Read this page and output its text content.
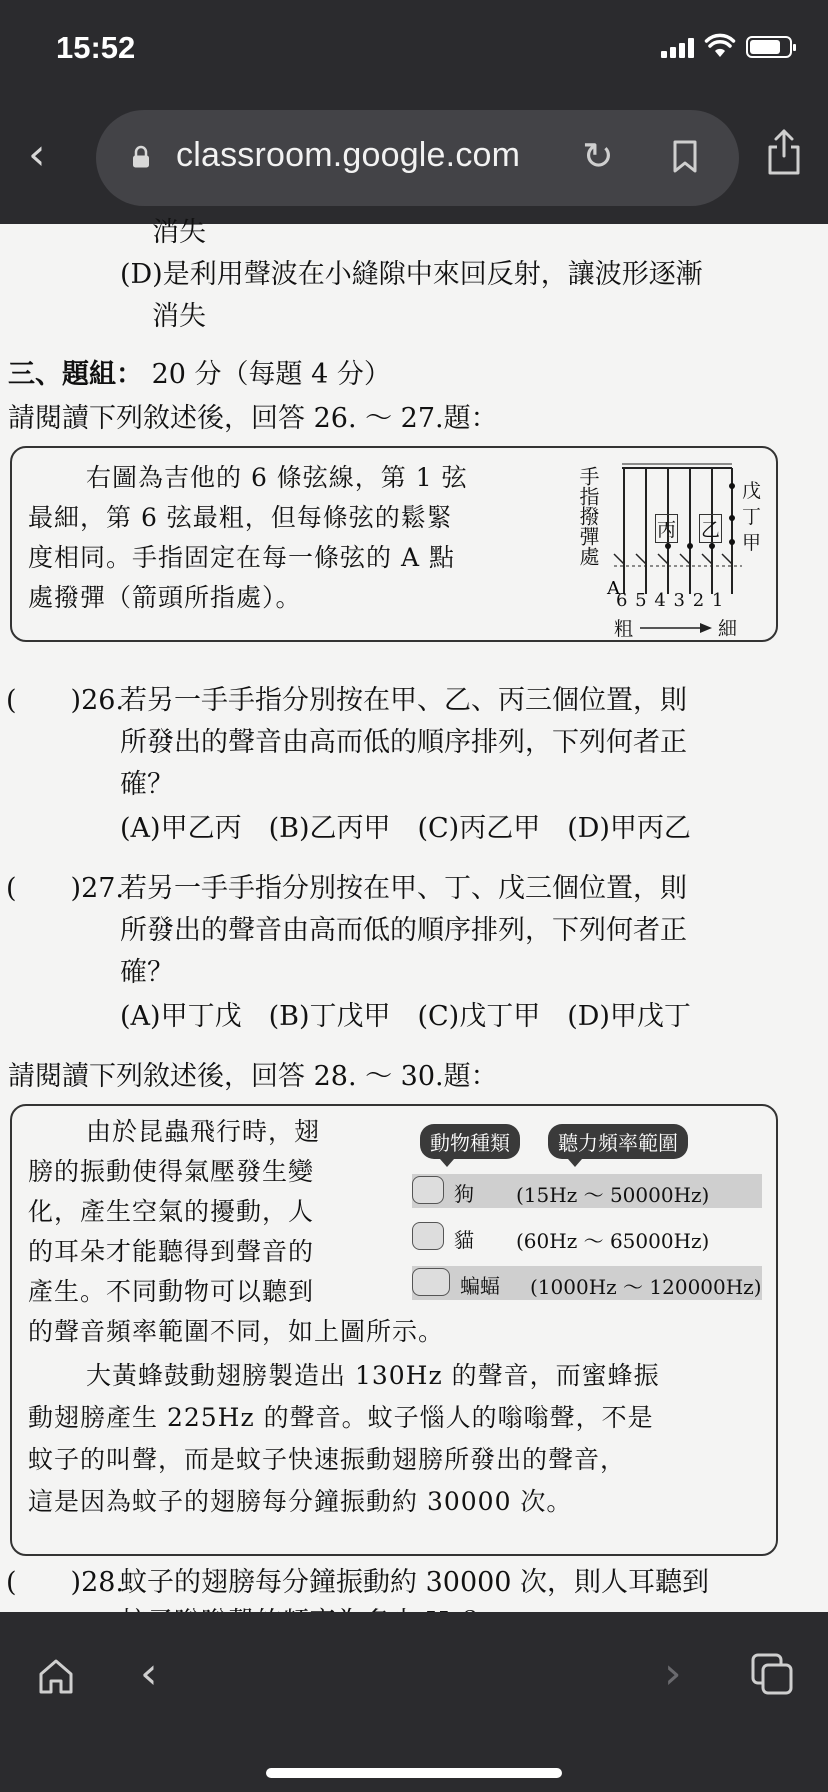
15:52
‹	classroom.google.com ↻
消失
(D)是利用聲波在小縫隙中來回反射，讓波形逐漸
消失
三、題組： 20 分（每題 4 分）
請閱讀下列敘述後，回答 26. ～ 27.題：
右圖為吉他的 6 條弦線，第 1 弦
最細，第 6 弦最粗，但每條弦的鬆緊
度相同。手指固定在每一條弦的 A 點
處撥彈（箭頭所指處）。
手指撥彈處
A
丙 乙
戊
丁
甲
6 5 4 3 2 1
粗	細
(　　)26.
若另一手手指分別按在甲、乙、丙三個位置，則
所發出的聲音由高而低的順序排列，下列何者正
確？
(A)甲乙丙　(B)乙丙甲　(C)丙乙甲　(D)甲丙乙
(　　)27.
若另一手手指分別按在甲、丁、戊三個位置，則
所發出的聲音由高而低的順序排列，下列何者正
確？
(A)甲丁戊　(B)丁戊甲　(C)戊丁甲　(D)甲戊丁
請閱讀下列敘述後，回答 28. ～ 30.題：
由於昆蟲飛行時，翅
膀的振動使得氣壓發生變
化，產生空氣的擾動，人
的耳朵才能聽得到聲音的
產生。不同動物可以聽到
的聲音頻率範圍不同，如上圖所示。
大黃蜂鼓動翅膀製造出 130Hz 的聲音，而蜜蜂振
動翅膀產生 225Hz 的聲音。蚊子惱人的嗡嗡聲，不是
蚊子的叫聲，而是蚊子快速振動翅膀所發出的聲音，
這是因為蚊子的翅膀每分鐘振動約 30000 次。
動物種類	聽力頻率範圍
狗 (15Hz ～ 50000Hz)
貓 (60Hz ～ 65000Hz)
蝙蝠 (1000Hz ～ 120000Hz)
(　　)28.
蚊子的翅膀每分鐘振動約 30000 次，則人耳聽到
‹	›
